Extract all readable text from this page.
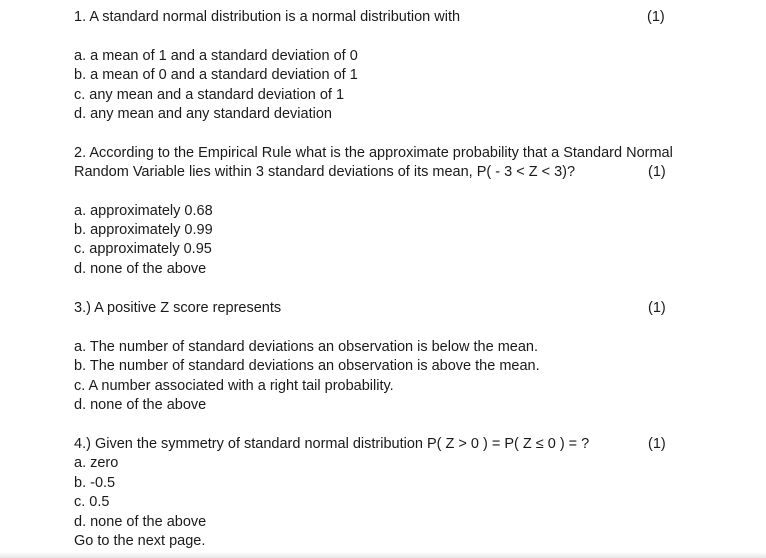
1. A standard normal distribution is a normal distribution with	(1)
a. a mean of 1 and a standard deviation of 0
b. a mean of 0 and a standard deviation of 1
c. any mean and a standard deviation of 1
d. any mean and any standard deviation
2. According to the Empirical Rule what is the approximate probability that a Standard Normal
Random Variable lies within 3 standard deviations of its mean, P( - 3 < Z < 3)?	(1)
a. approximately 0.68
b. approximately 0.99
c. approximately 0.95
d. none of the above
3.) A positive Z score represents	(1)
a. The number of standard deviations an observation is below the mean.
b. The number of standard deviations an observation is above the mean.
c. A number associated with a right tail probability.
d. none of the above
4.) Given the symmetry of standard normal distribution P( Z > 0 ) = P( Z ≤ 0 ) = ?	(1)
a. zero
b. -0.5
c. 0.5
d. none of the above
Go to the next page.
